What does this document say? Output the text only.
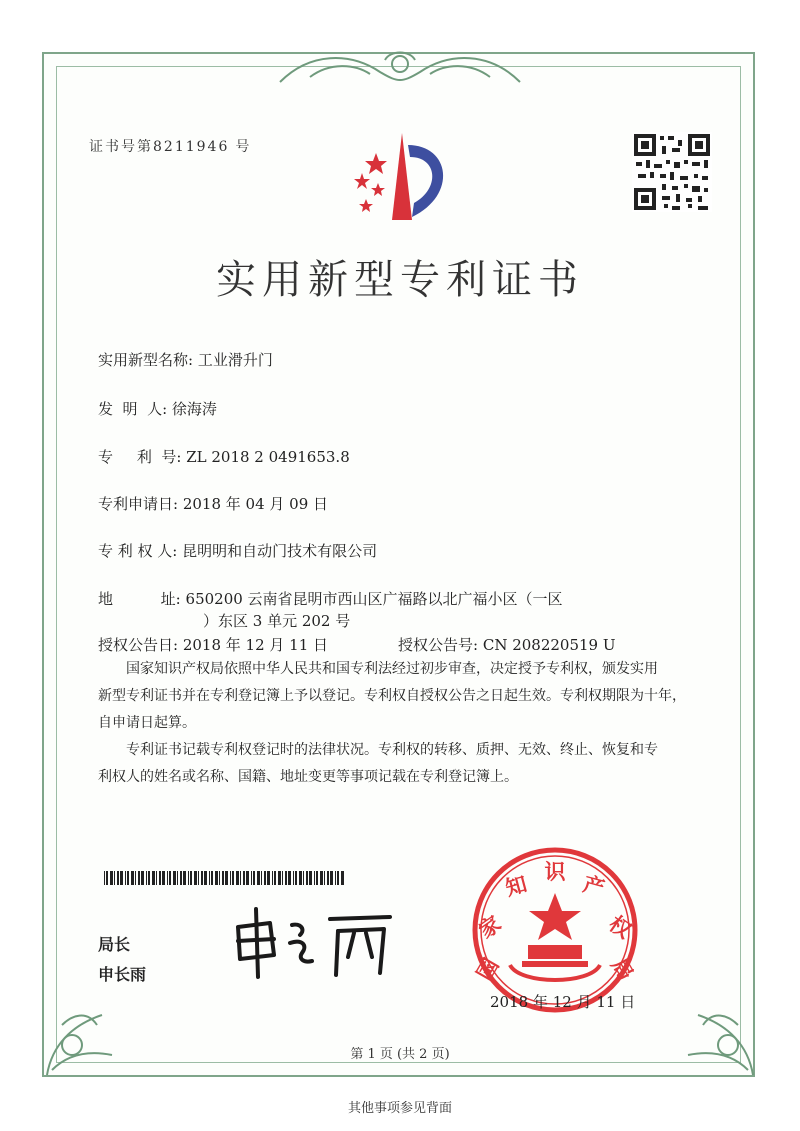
证书号第8211946 号
实用新型专利证书
实用新型名称: 工业滑升门
发  明  人: 徐海涛
专     利  号: ZL 2018 2 0491653.8
专利申请日: 2018 年 04 月 09 日
专 利 权 人: 昆明明和自动门技术有限公司
地          址: 650200 云南省昆明市西山区广福路以北广福小区（一区
）东区 3 单元 202 号
授权公告日: 2018 年 12 月 11 日	授权公告号: CN 208220519 U
国家知识产权局依照中华人民共和国专利法经过初步审查，决定授予专利权，颁发实用
新型专利证书并在专利登记簿上予以登记。专利权自授权公告之日起生效。专利权期限为十年，
自申请日起算。
专利证书记载专利权登记时的法律状况。专利权的转移、质押、无效、终止、恢复和专
利权人的姓名或名称、国籍、地址变更等事项记载在专利登记簿上。
局长
申长雨	国
家
知 识 产
权
局
2018 年 12 月 11 日
第 1 页 (共 2 页)
其他事项参见背面
